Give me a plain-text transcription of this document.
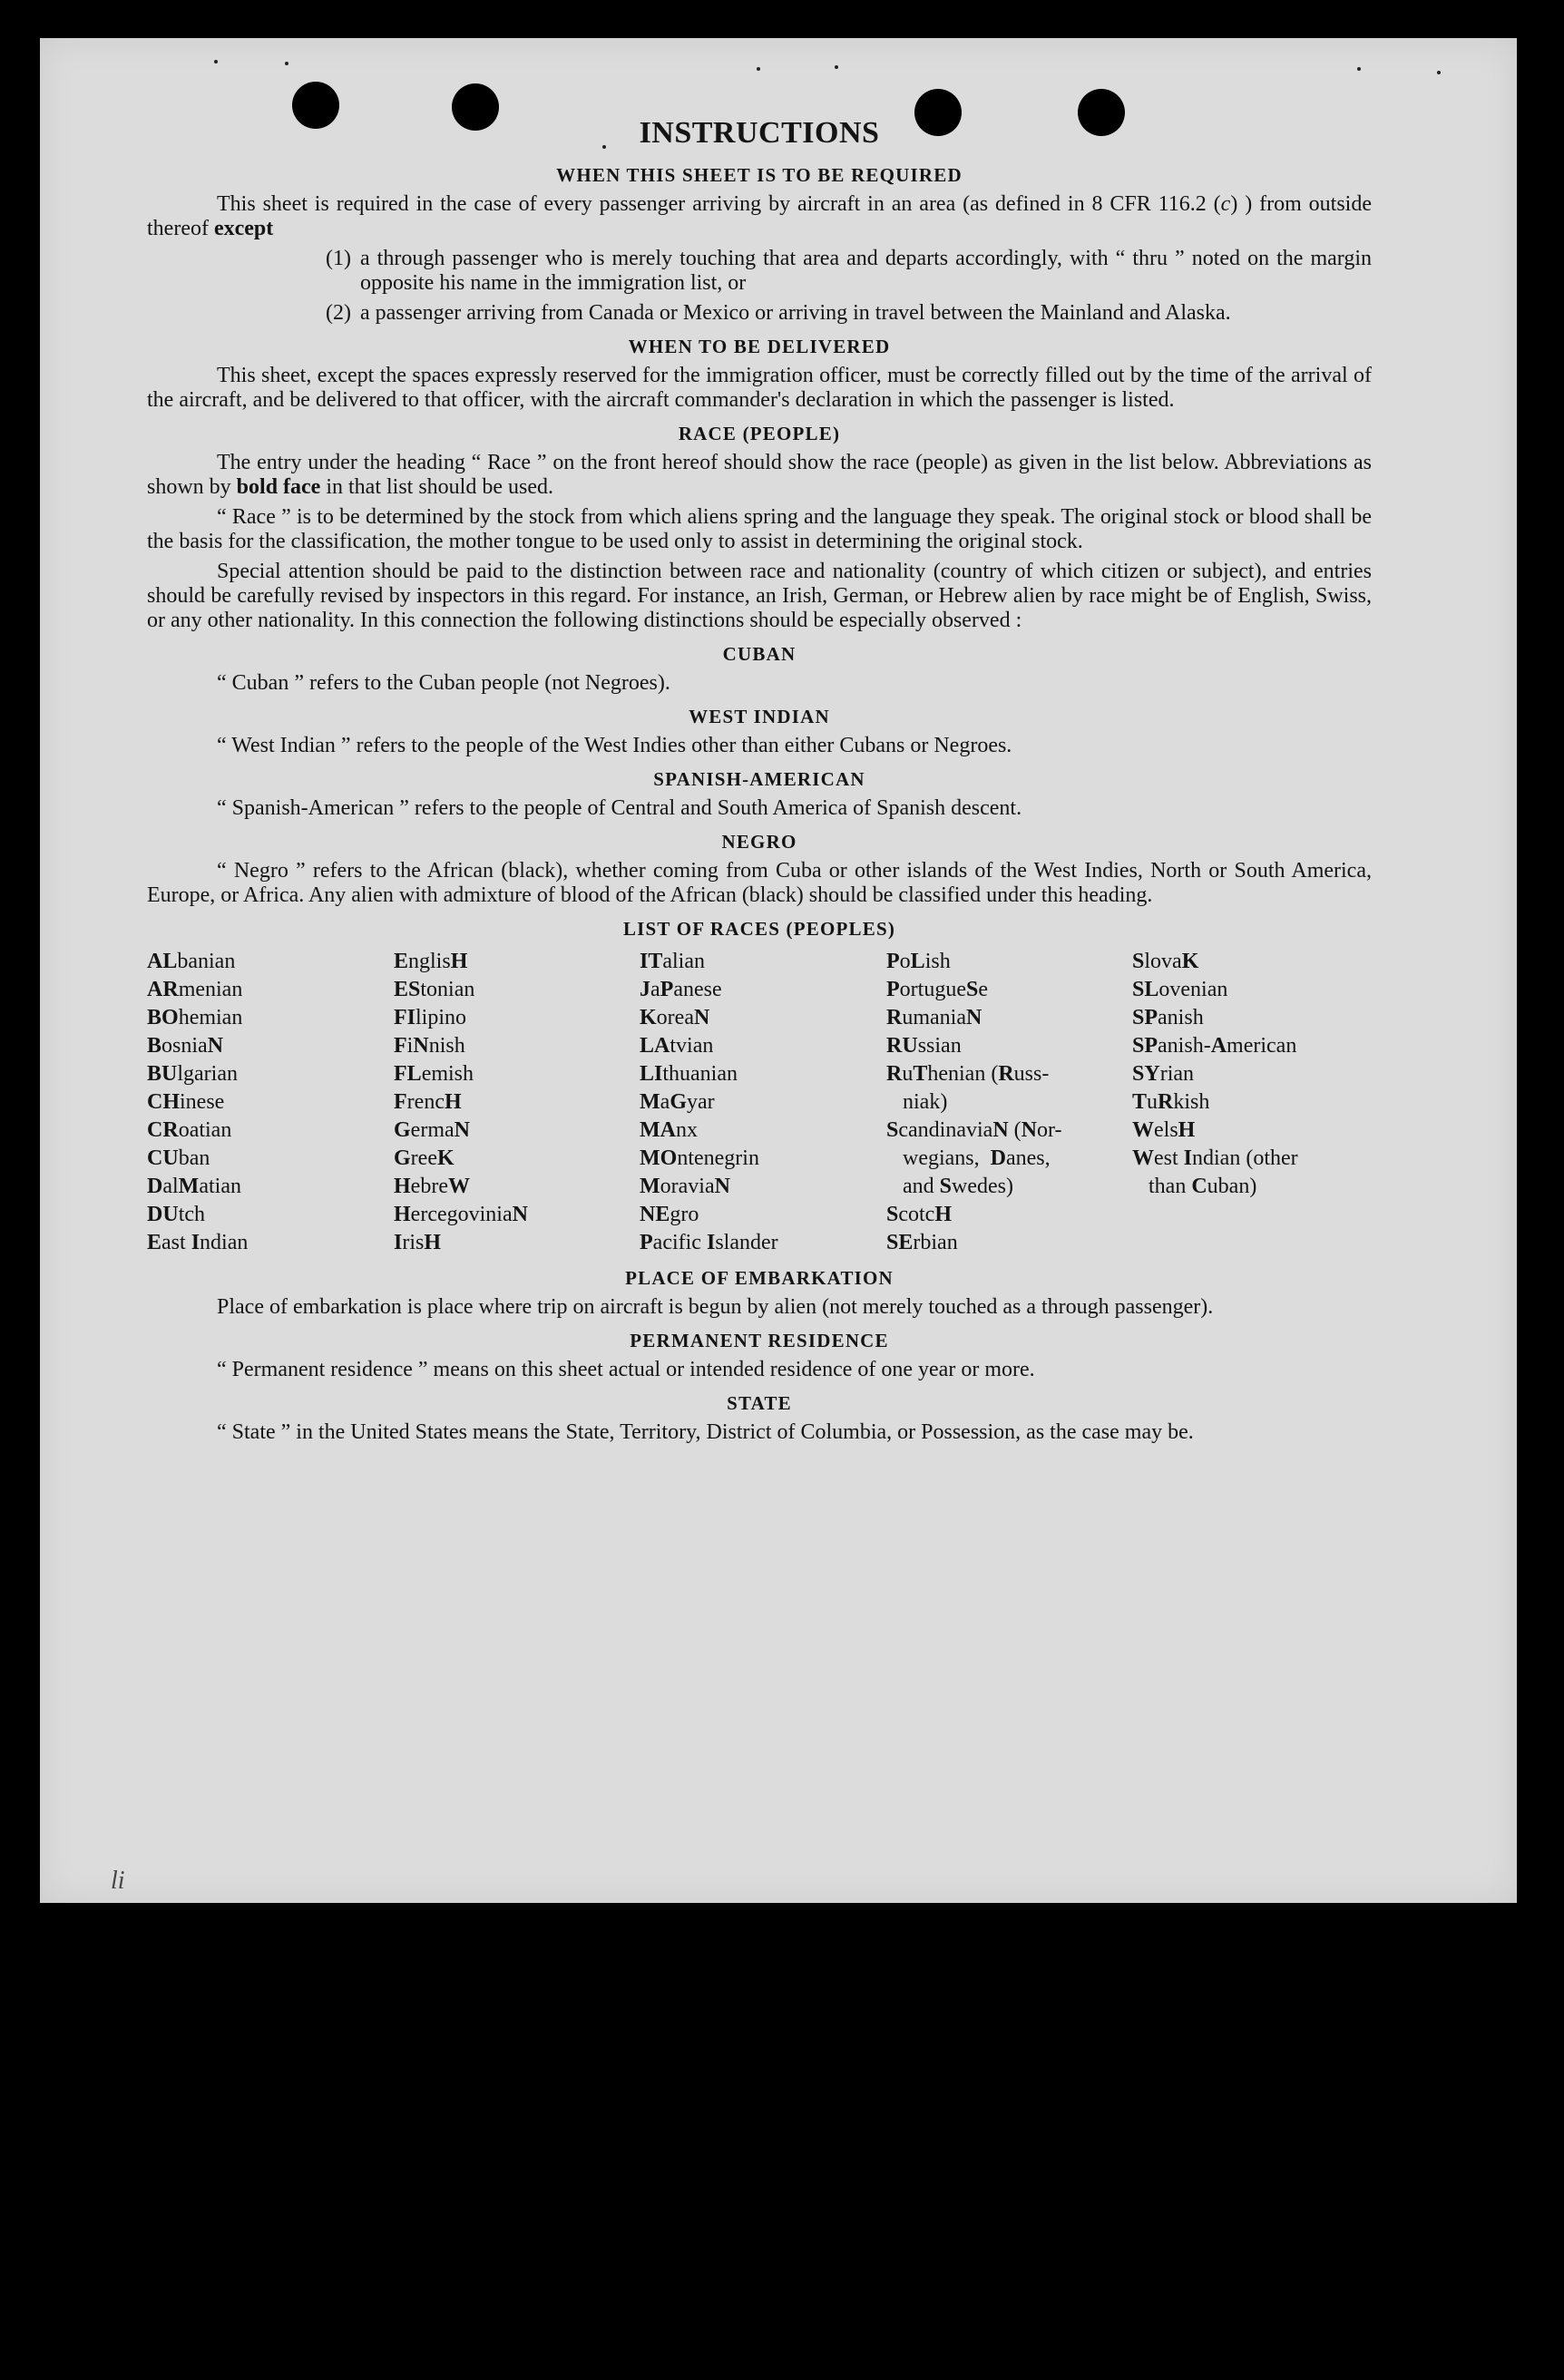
li
INSTRUCTIONS
WHEN THIS SHEET IS TO BE REQUIRED

This sheet is required in the case of every passenger arriving by aircraft in an area (as defined in 8 CFR 116.2 (c) ) from outside thereof except

(1) a through passenger who is merely touching that area and departs accordingly, with “ thru ” noted on the margin opposite his name in the immigration list, or
(2) a passenger arriving from Canada or Mexico or arriving in travel between the Mainland and Alaska.
WHEN TO BE DELIVERED

This sheet, except the spaces expressly reserved for the immigration officer, must be correctly filled out by the time of the arrival of the aircraft, and be delivered to that officer, with the aircraft commander's declaration in which the passenger is listed.

RACE (PEOPLE)

The entry under the heading “ Race ” on the front hereof should show the race (people) as given in the list below. Abbreviations as shown by bold face in that list should be used.

“ Race ” is to be determined by the stock from which aliens spring and the language they speak. The original stock or blood shall be the basis for the classification, the mother tongue to be used only to assist in determining the original stock.

Special attention should be paid to the distinction between race and nationality (country of which citizen or subject), and entries should be carefully revised by inspectors in this regard. For instance, an Irish, German, or Hebrew alien by race might be of English, Swiss, or any other nationality. In this connection the following distinctions should be especially observed :

CUBAN

“ Cuban ” refers to the Cuban people (not Negroes).

WEST INDIAN

“ West Indian ” refers to the people of the West Indies other than either Cubans or Negroes.

SPANISH-AMERICAN

“ Spanish-American ” refers to the people of Central and South America of Spanish descent.

NEGRO

“ Negro ” refers to the African (black), whether coming from Cuba or other islands of the West Indies, North or South America, Europe, or Africa. Any alien with admixture of blood of the African (black) should be classified under this heading.

LIST OF RACES (PEOPLES)
ALbanian
ARmenian
BOhemian
BosniaN
BUlgarian
CHinese
CRoatian
CUban
DalMatian
DUtch
East Indian
EnglisH
EStonian
FIlipino
FiNnish
FLemish
FrencH
GermaN
GreeK
HebreW
HercegoviniaN
IrisH
ITalian
JaPanese
KoreaN
LAtvian
LIthuanian
MaGyar
MAnx
MOntenegrin
MoraviaN
NEgro
Pacific Islander
PoLish
PortugueSe
RumaniaN
RUssian
RuThenian (Russ-
niak)
ScandinaviaN (Nor-
wegians,  Danes,
and Swedes)
ScotcH
SErbian
SlovaK
SLovenian
SPanish
SPanish-American
SYrian
TuRkish
WelsH
West Indian (other
than Cuban)
PLACE OF EMBARKATION

Place of embarkation is place where trip on aircraft is begun by alien (not merely touched as a through passenger).

PERMANENT RESIDENCE

“ Permanent residence ” means on this sheet actual or intended residence of one year or more.

STATE

“ State ” in the United States means the State, Territory, District of Columbia, or Possession, as the case may be.
